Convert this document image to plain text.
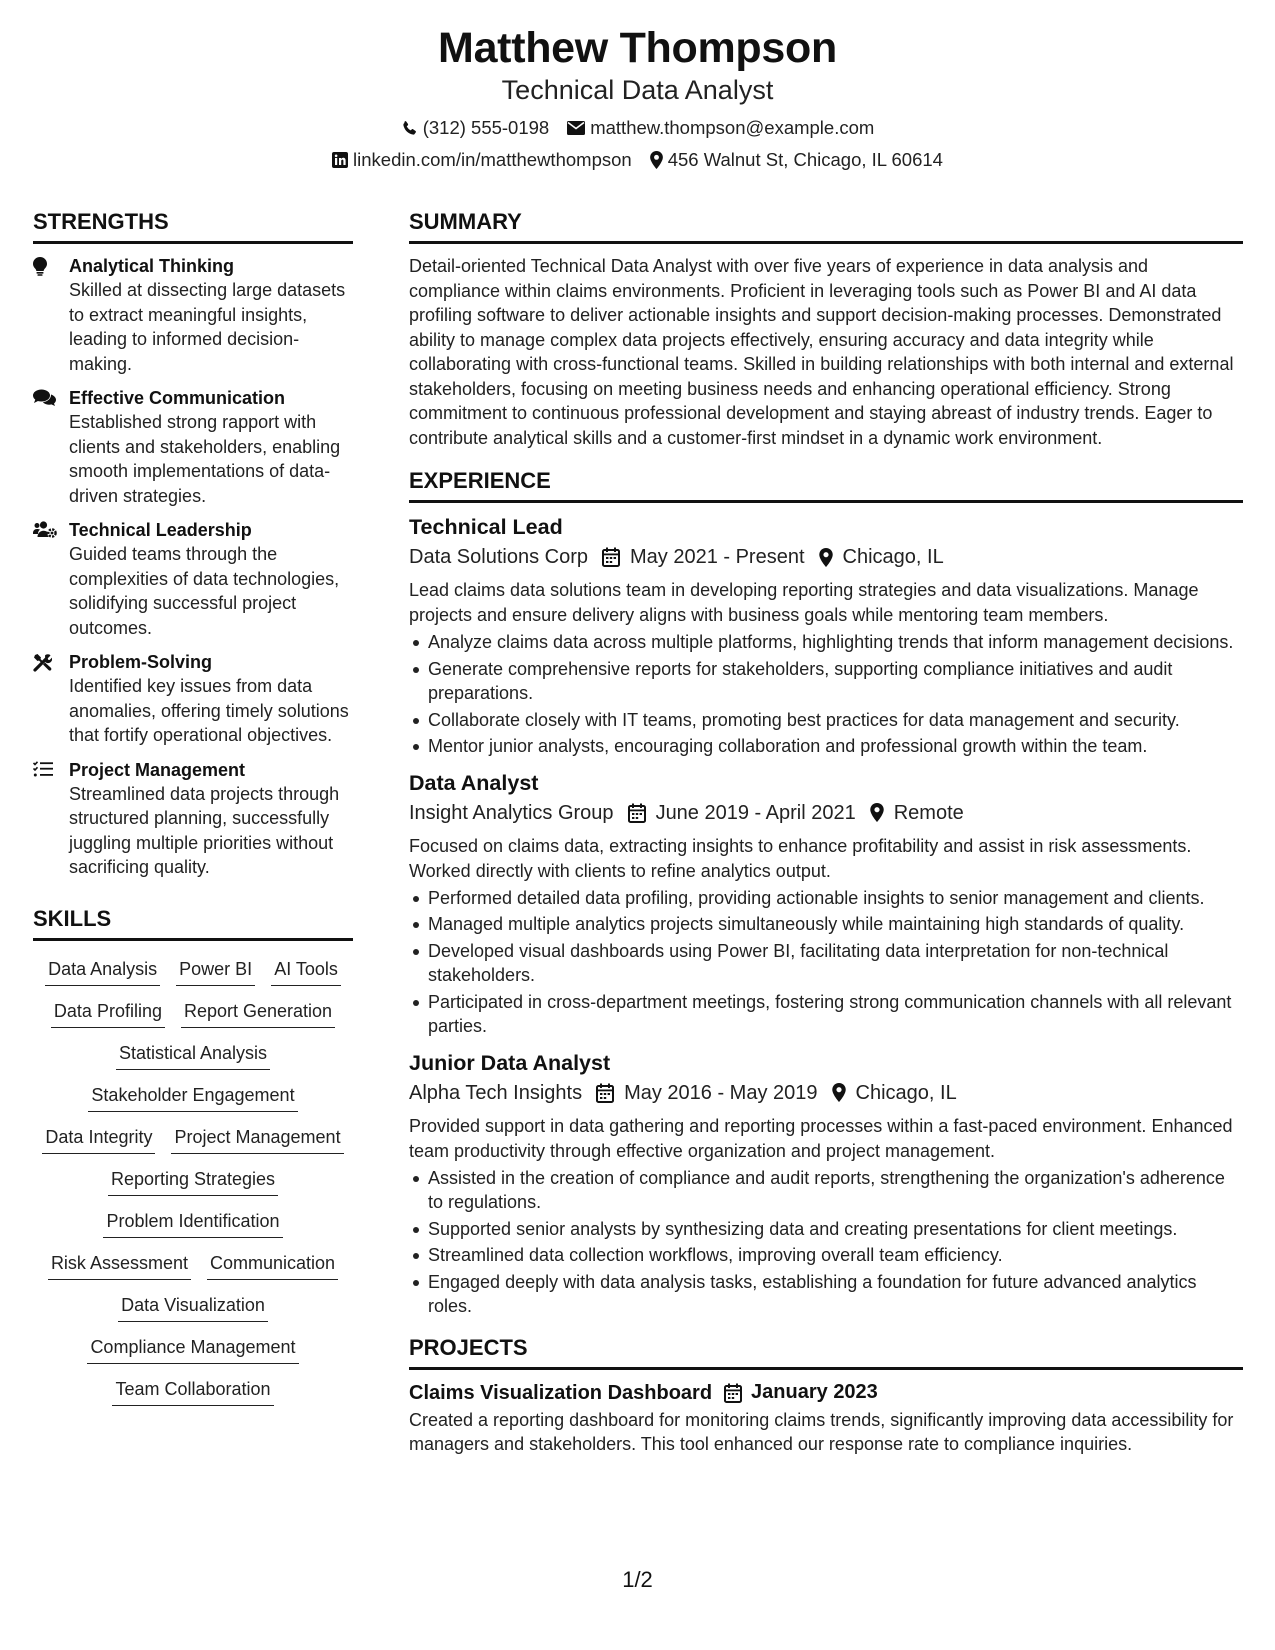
Matthew Thompson
Technical Data Analyst
(312) 555-0198 matthew.thompson@example.com
linkedin.com/in/matthewthompson 456 Walnut St, Chicago, IL 60614
STRENGTHS
Analytical Thinking
Skilled at dissecting large datasets to extract meaningful insights, leading to informed decision-making.
Effective Communication
Established strong rapport with clients and stakeholders, enabling smooth implementations of data-driven strategies.
Technical Leadership
Guided teams through the complexities of data technologies, solidifying successful project outcomes.
Problem-Solving
Identified key issues from data anomalies, offering timely solutions that fortify operational objectives.
Project Management
Streamlined data projects through structured planning, successfully juggling multiple priorities without sacrificing quality.
SKILLS
Data Analysis Power BI AI Tools
Data Profiling Report Generation
Statistical Analysis
Stakeholder Engagement
Data Integrity Project Management
Reporting Strategies
Problem Identification
Risk Assessment Communication
Data Visualization
Compliance Management
Team Collaboration
SUMMARY
Detail-oriented Technical Data Analyst with over five years of experience in data analysis and compliance within claims environments. Proficient in leveraging tools such as Power BI and AI data profiling software to deliver actionable insights and support decision-making processes. Demonstrated ability to manage complex data projects effectively, ensuring accuracy and data integrity while collaborating with cross-functional teams. Skilled in building relationships with both internal and external stakeholders, focusing on meeting business needs and enhancing operational efficiency. Strong commitment to continuous professional development and staying abreast of industry trends. Eager to contribute analytical skills and a customer-first mindset in a dynamic work environment.
EXPERIENCE
Technical Lead
Data Solutions Corp May 2021 - Present Chicago, IL
Lead claims data solutions team in developing reporting strategies and data visualizations. Manage projects and ensure delivery aligns with business goals while mentoring team members.
Analyze claims data across multiple platforms, highlighting trends that inform management decisions.
Generate comprehensive reports for stakeholders, supporting compliance initiatives and audit preparations.
Collaborate closely with IT teams, promoting best practices for data management and security.
Mentor junior analysts, encouraging collaboration and professional growth within the team.
Data Analyst
Insight Analytics Group June 2019 - April 2021 Remote
Focused on claims data, extracting insights to enhance profitability and assist in risk assessments. Worked directly with clients to refine analytics output.
Performed detailed data profiling, providing actionable insights to senior management and clients.
Managed multiple analytics projects simultaneously while maintaining high standards of quality.
Developed visual dashboards using Power BI, facilitating data interpretation for non-technical stakeholders.
Participated in cross-department meetings, fostering strong communication channels with all relevant parties.
Junior Data Analyst
Alpha Tech Insights May 2016 - May 2019 Chicago, IL
Provided support in data gathering and reporting processes within a fast-paced environment. Enhanced team productivity through effective organization and project management.
Assisted in the creation of compliance and audit reports, strengthening the organization's adherence to regulations.
Supported senior analysts by synthesizing data and creating presentations for client meetings.
Streamlined data collection workflows, improving overall team efficiency.
Engaged deeply with data analysis tasks, establishing a foundation for future advanced analytics roles.
PROJECTS
Claims Visualization Dashboard January 2023
Created a reporting dashboard for monitoring claims trends, significantly improving data accessibility for managers and stakeholders. This tool enhanced our response rate to compliance inquiries.
1/2
